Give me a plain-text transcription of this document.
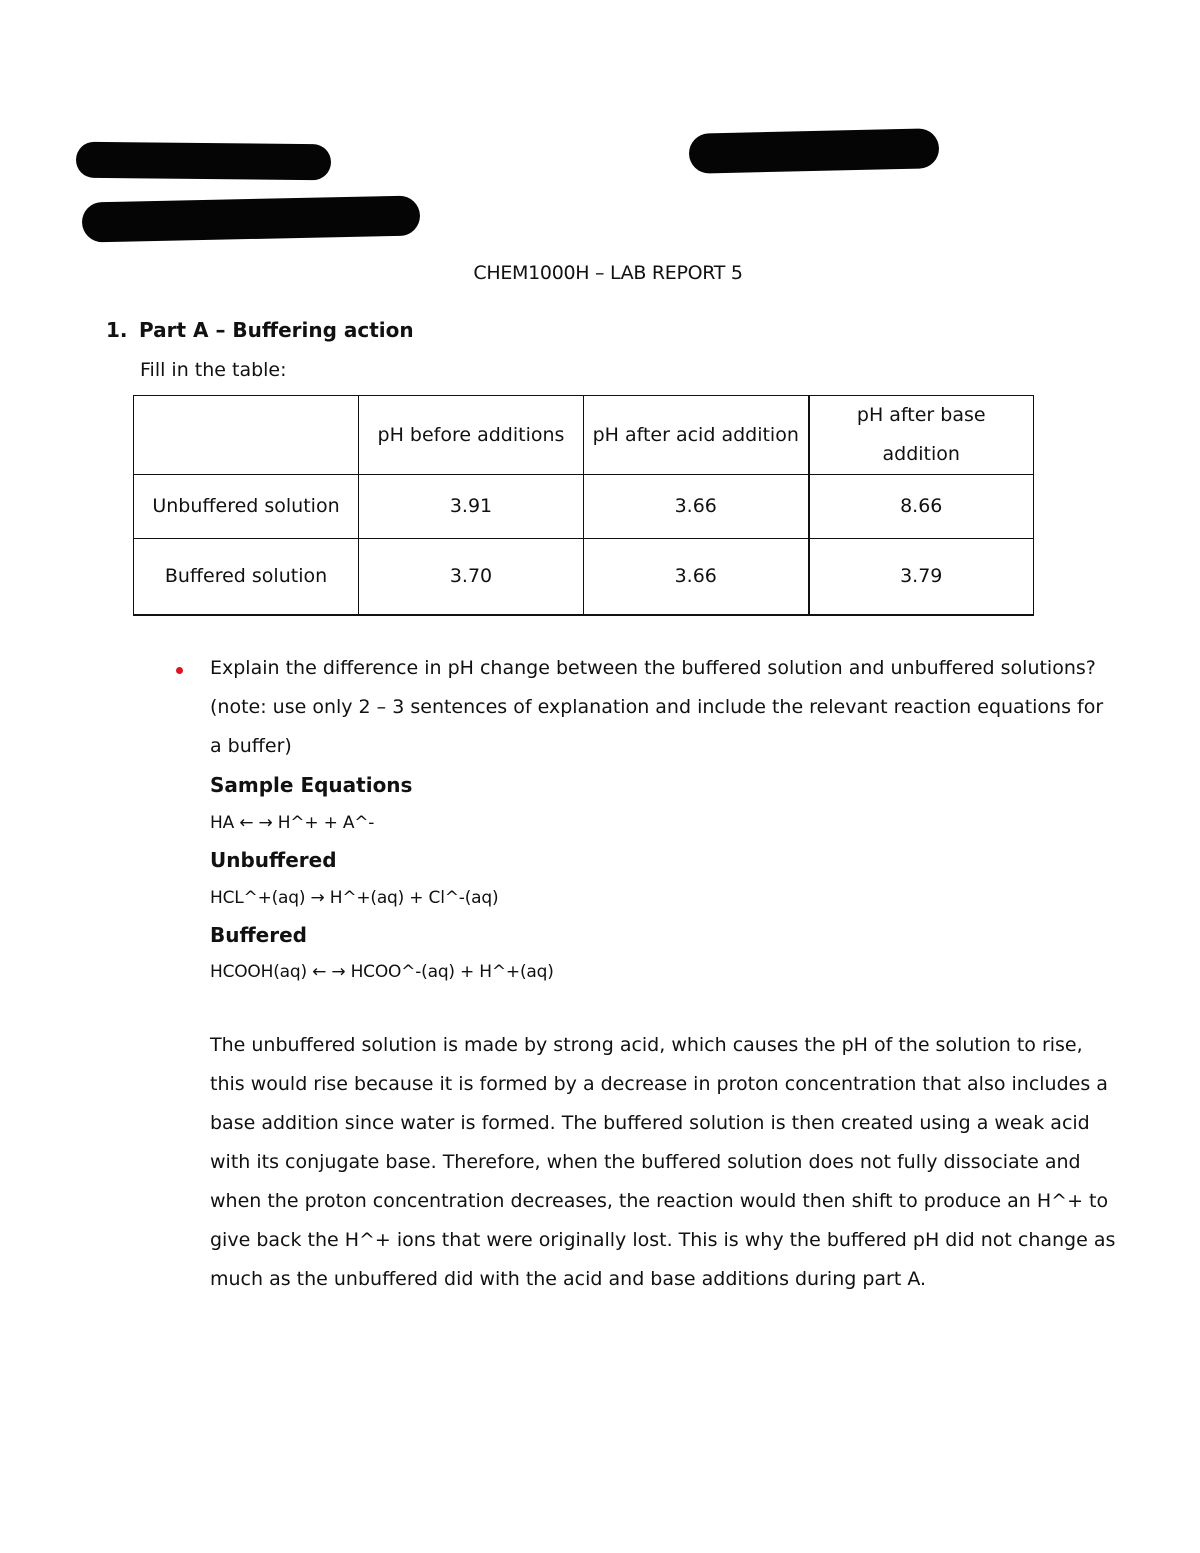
CHEM1000H – LAB REPORT 5
1. Part A – Buffering action
Fill in the table:
	pH before additions	pH after acid addition	pH after base addition
Unbuffered solution	3.91	3.66	8.66
Buffered solution	3.70	3.66	3.79
Explain the difference in pH change between the buffered solution and unbuffered solutions? (note: use only 2 – 3 sentences of explanation and include the relevant reaction equations for a buffer)
Sample Equations
HA ← → H^+ + A^-
Unbuffered
HCL^+(aq) → H^+(aq) + Cl^-(aq)
Buffered
HCOOH(aq) ← → HCOO^-(aq) + H^+(aq)
The unbuffered solution is made by strong acid, which causes the pH of the solution to rise, this would rise because it is formed by a decrease in proton concentration that also includes a base addition since water is formed. The buffered solution is then created using a weak acid with its conjugate base. Therefore, when the buffered solution does not fully dissociate and when the proton concentration decreases, the reaction would then shift to produce an H^+ to give back the H^+ ions that were originally lost. This is why the buffered pH did not change as much as the unbuffered did with the acid and base additions during part A.
